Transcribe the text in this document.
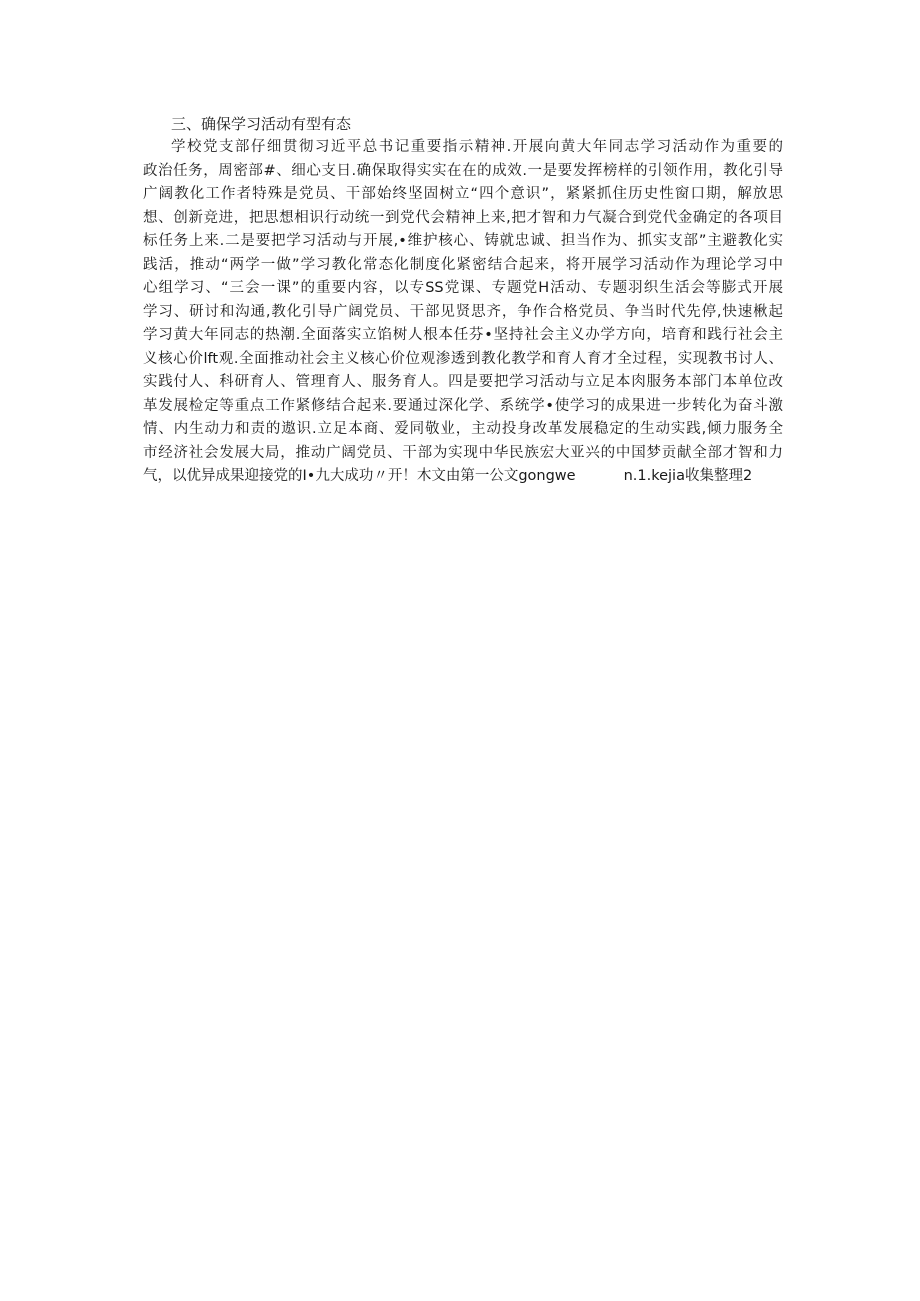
三、确保学习活动有型有态
学校党支部仔细贯彻习近平总书记重要指示精神.开展向黄大年同志学习活动作为重要的
政治任务，周密部#、细心支日.确保取得实实在在的成效.一是要发挥榜样的引领作用，教化引导
广阔教化工作者特殊是党员、干部始终坚固树立“四个意识”，紧紧抓住历史性窗口期，解放思
想、创新竞进，把思想相识行动统一到党代会精神上来,把才智和力气凝合到党代金确定的各项目
标任务上来.二是要把学习活动与开展,•维护核心、铸就忠诚、担当作为、抓实支部”主避教化实
践活，推动“两学一做”学习教化常态化制度化紧密结合起来，将开展学习活动作为理论学习中
心组学习、“三会一课”的重要内容，以专SS党课、专题党H活动、专题羽织生活会等膨式开展
学习、研讨和沟通,教化引导广阔党员、干部见贤思齐，争作合格党员、争当时代先停,快速楸起
学习黄大年同志的热潮.全面落实立馅树人根本任芬•坚持社会主义办学方向，培育和践行社会主
义核心价lft观.全面推动社会主义核心价位观渗透到教化教学和育人育才全过程，实现教书讨人、
实践付人、科研育人、管理育人、服务育人。四是要把学习活动与立足本肉服务本部门本单位改
革发展检定等重点工作紧修结合起来.要通过深化学、系统学•使学习的成果进一步转化为奋斗激
情、内生动力和责的遨识.立足本商、爱同敬业，主动投身改革发展稳定的生动实践,倾力服务全
市经济社会发展大局，推动广阔党员、干部为实现中华民族宏大亚兴的中国梦贡献全部才智和力
气，以优异成果迎接党的I•九大成功〃开！木文由第一公文gongwe	n.1.kejia收集整理2
